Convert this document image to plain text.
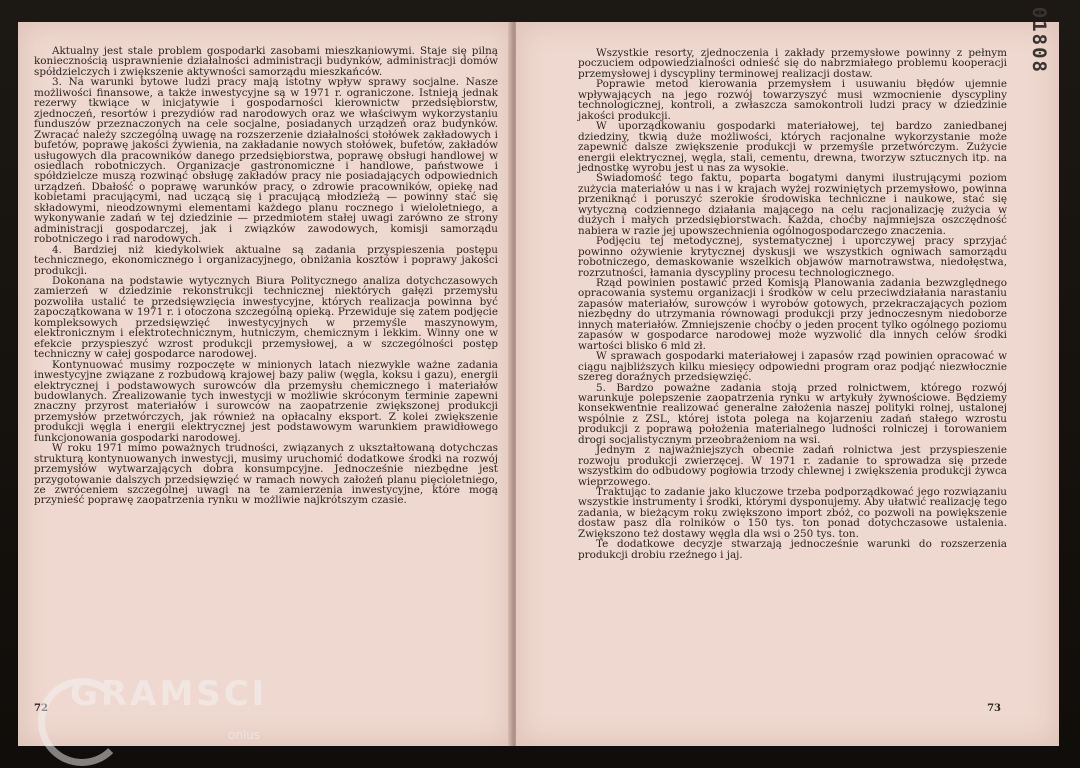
Aktualny jest stale problem gospodarki zasobami mieszkaniowymi. Staje się pilną koniecznością usprawnienie działalności administracji budynków, administracji domów spółdzielczych i zwiększenie aktywności samorządu mieszkańców.

3. Na warunki bytowe ludzi pracy mają istotny wpływ sprawy socjalne. Nasze możliwości finansowe, a także inwestycyjne są w 1971 r. ograniczone. Istnieją jednak rezerwy tkwiące w inicjatywie i gospodarności kierownictw przedsiębiorstw, zjednoczeń, resortów i prezydiów rad narodowych oraz we właściwym wykorzystaniu funduszów przeznaczonych na cele socjalne, posiadanych urządzeń oraz budynków. Zwracać należy szczególną uwagę na rozszerzenie działalności stołówek zakładowych i bufetów, poprawę jakości żywienia, na zakładanie nowych stołówek, bufetów, zakładów usługowych dla pracowników danego przedsiębiorstwa, poprawę obsługi handlowej w osiedlach robotniczych. Organizacje gastronomiczne i handlowe, państwowe i spółdzielcze muszą rozwinąć obsługę zakładów pracy nie posiadających odpowiednich urządzeń. Dbałość o poprawę warunków pracy, o zdrowie pracowników, opiekę nad kobietami pracującymi, nad uczącą się i pracującą młodzieżą — powinny stać się składowymi, nieodzownymi elementami każdego planu rocznego i wieloletniego, a wykonywanie zadań w tej dziedzinie — przedmiotem stałej uwagi zarówno ze strony administracji gospodarczej, jak i związków zawodowych, komisji samorządu robotniczego i rad narodowych.

4. Bardziej niż kiedykolwiek aktualne są zadania przyspieszenia postępu technicznego, ekonomicznego i organizacyjnego, obniżania kosztów i poprawy jakości produkcji.

Dokonana na podstawie wytycznych Biura Politycznego analiza dotychczasowych zamierzeń w dziedzinie rekonstrukcji technicznej niektórych gałęzi przemysłu pozwoliła ustalić te przedsięwzięcia inwestycyjne, których realizacja powinna być zapoczątkowana w 1971 r. i otoczona szczególną opieką. Przewiduje się zatem podjęcie kompleksowych przedsięwzięć inwestycyjnych w przemyśle maszynowym, elektronicznym i elektrotechnicznym, hutniczym, chemicznym i lekkim. Winny one w efekcie przyspieszyć wzrost produkcji przemysłowej, a w szczególności postęp techniczny w całej gospodarce narodowej.

Kontynuować musimy rozpoczęte w minionych latach niezwykle ważne zadania inwestycyjne związane z rozbudową krajowej bazy paliw (węgla, koksu i gazu), energii elektrycznej i podstawowych surowców dla przemysłu chemicznego i materiałów budowlanych. Zrealizowanie tych inwestycji w możliwie skróconym terminie zapewni znaczny przyrost materiałów i surowców na zaopatrzenie zwiększonej produkcji przemysłów przetwórczych, jak również na opłacalny eksport. Z kolei zwiększenie produkcji węgla i energii elektrycznej jest podstawowym warunkiem prawidłowego funkcjonowania gospodarki narodowej.

W roku 1971 mimo poważnych trudności, związanych z ukształtowaną dotychczas strukturą kontynuowanych inwestycji, musimy uruchomić dodatkowe środki na rozwój przemysłów wytwarzających dobra konsumpcyjne. Jednocześnie niezbędne jest przygotowanie dalszych przedsięwzięć w ramach nowych założeń planu pięcioletniego, ze zwróceniem szczególnej uwagi na te zamierzenia inwestycyjne, które mogą przynieść poprawę zaopatrzenia rynku w możliwie najkrótszym czasie.

72

Wszystkie resorty, zjednoczenia i zakłady przemysłowe powinny z pełnym poczuciem odpowiedzialności odnieść się do nabrzmiałego problemu kooperacji przemysłowej i dyscypliny terminowej realizacji dostaw.

Poprawie metod kierowania przemysłem i usuwaniu błędów ujemnie wpływających na jego rozwój towarzyszyć musi wzmocnienie dyscypliny technologicznej, kontroli, a zwłaszcza samokontroli ludzi pracy w dziedzinie jakości produkcji.

W uporządkowaniu gospodarki materiałowej, tej bardzo zaniedbanej dziedziny, tkwią duże możliwości, których racjonalne wykorzystanie może zapewnić dalsze zwiększenie produkcji w przemyśle przetwórczym. Zużycie energii elektrycznej, węgla, stali, cementu, drewna, tworzyw sztucznych itp. na jednostkę wyrobu jest u nas za wysokie.

Świadomość tego faktu, poparta bogatymi danymi ilustrującymi poziom zużycia materiałów u nas i w krajach wyżej rozwiniętych przemysłowo, powinna przeniknąć i poruszyć szerokie środowiska techniczne i naukowe, stać się wytyczną codziennego działania mającego na celu racjonalizację zużycia w dużych i małych przedsiębiorstwach. Każda, choćby najmniejsza oszczędność nabiera w razie jej upowszechnienia ogólnogospodarczego znaczenia.

Podjęciu tej metodycznej, systematycznej i uporczywej pracy sprzyjać powinno ożywienie krytycznej dyskusji we wszystkich ogniwach samorządu robotniczego, demaskowanie wszelkich objawów marnotrawstwa, niedołęstwa, rozrzutności, łamania dyscypliny procesu technologicznego.

Rząd powinien postawić przed Komisją Planowania zadania bezwzględnego opracowania systemu organizacji i środków w celu przeciwdziałania narastaniu zapasów materiałów, surowców i wyrobów gotowych, przekraczających poziom niezbędny do utrzymania równowagi produkcji przy jednoczesnym niedoborze innych materiałów. Zmniejszenie choćby o jeden procent tylko ogólnego poziomu zapasów w gospodarce narodowej może wyzwolić dla innych celów środki wartości blisko 6 mld zł.

W sprawach gospodarki materiałowej i zapasów rząd powinien opracować w ciągu najbliższych kilku miesięcy odpowiedni program oraz podjąć niezwłocznie szereg doraźnych przedsięwzięć.

5. Bardzo poważne zadania stoją przed rolnictwem, którego rozwój warunkuje polepszenie zaopatrzenia rynku w artykuły żywnościowe. Będziemy konsekwentnie realizować generalne założenia naszej polityki rolnej, ustalonej wspólnie z ZSL, której istota polega na kojarzeniu zadań stałego wzrostu produkcji z poprawą położenia materialnego ludności rolniczej i torowaniem drogi socjalistycznym przeobrażeniom na wsi.

Jednym z najważniejszych obecnie zadań rolnictwa jest przyspieszenie rozwoju produkcji zwierzęcej. W 1971 r. zadanie to sprowadza się przede wszystkim do odbudowy pogłowia trzody chlewnej i zwiększenia produkcji żywca wieprzowego.

Traktując to zadanie jako kluczowe trzeba podporządkować jego rozwiązaniu wszystkie instrumenty i środki, którymi dysponujemy. Aby ułatwić realizację tego zadania, w bieżącym roku zwiększono import zbóż, co pozwoli na powiększenie dostaw pasz dla rolników o 150 tys. ton ponad dotychczasowe ustalenia. Zwiększono też dostawy węgla dla wsi o 250 tys. ton.

Te dodatkowe decyzje stwarzają jednocześnie warunki do rozszerzenia produkcji drobiu rzeźnego i jaj.

73
01808
GRAMSCI
onlus
